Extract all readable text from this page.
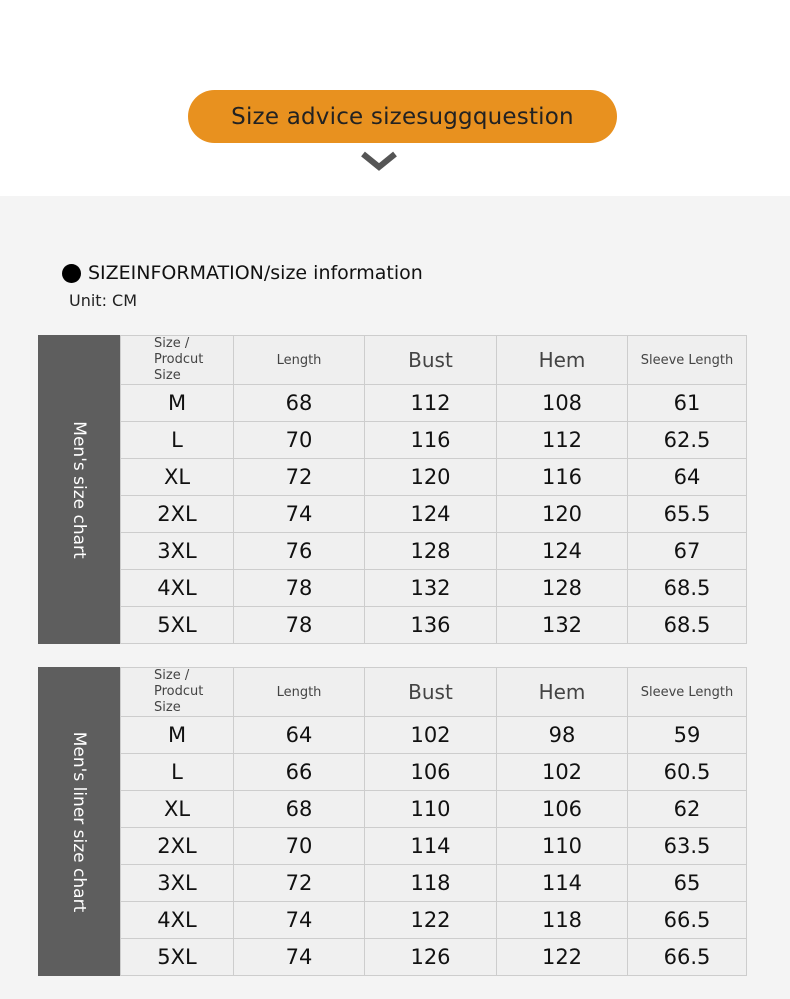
Size advice sizesuggquestion
SIZEINFORMATION/size information
Unit: CM
Men's size chart
Size / Prodcut Size	Length	Bust	Hem	Sleeve Length
M	68	112	108	61
L	70	116	112	62.5
XL	72	120	116	64
2XL	74	124	120	65.5
3XL	76	128	124	67
4XL	78	132	128	68.5
5XL	78	136	132	68.5
Men's liner size chart
Size / Prodcut Size	Length	Bust	Hem	Sleeve Length
M	64	102	98	59
L	66	106	102	60.5
XL	68	110	106	62
2XL	70	114	110	63.5
3XL	72	118	114	65
4XL	74	122	118	66.5
5XL	74	126	122	66.5
